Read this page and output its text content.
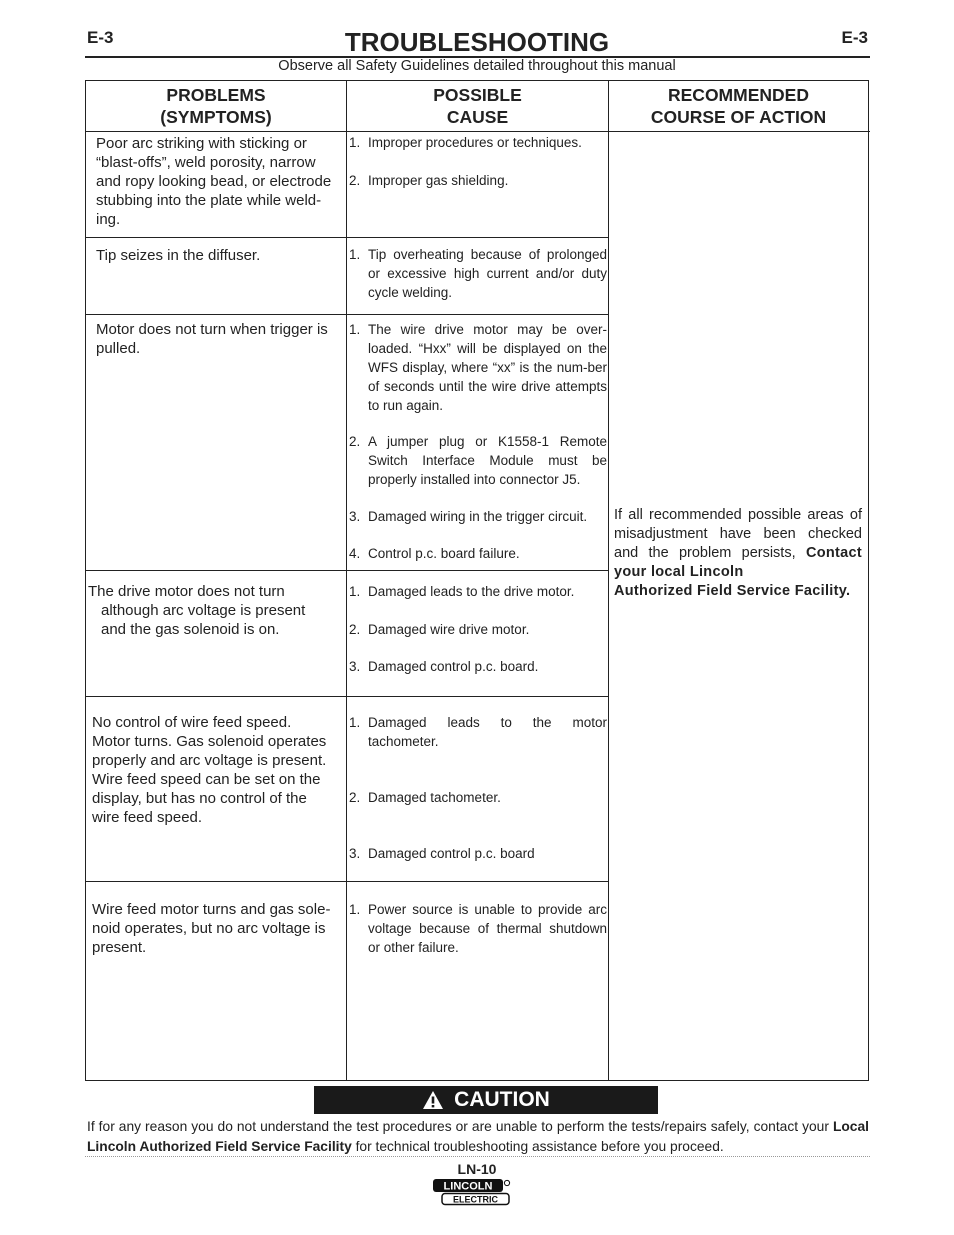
E-3	E-3
TROUBLESHOOTING
Observe all Safety Guidelines detailed throughout this manual
PROBLEMS
(SYMPTOMS)
POSSIBLE
CAUSE
RECOMMENDED
COURSE OF ACTION
Poor arc striking with sticking or
“blast-offs”, weld porosity, narrow
and ropy looking bead, or electrode
stubbing into the plate while weld-
ing.
1. Improper procedures or techniques.
2. Improper gas shielding.
Tip seizes in the diffuser.	1. Tip overheating because of prolonged or excessive high current and/or duty cycle welding.
Motor does not turn when trigger is
pulled.
1. The wire drive motor may be over-loaded. “Hxx” will be displayed on the WFS display, where “xx” is the num-ber of seconds until the wire drive attempts to run again.
2. A jumper plug or K1558-1 Remote Switch Interface Module must be properly installed into connector J5.
3. Damaged wiring in the trigger circuit.
4. Control p.c. board failure.
The drive motor does not turn
although arc voltage is present
and the gas solenoid is on.
1. Damaged leads to the drive motor.
2. Damaged wire drive motor.
3. Damaged control p.c. board.
No control of wire feed speed.
Motor turns. Gas solenoid operates
properly and arc voltage is present.
Wire feed speed can be set on the
display, but has no control of the
wire feed speed.
1. Damaged leads to the motor tachometer.
2. Damaged tachometer.
3. Damaged control p.c. board
Wire feed motor turns and gas sole-
noid operates, but no arc voltage is
present.
1. Power source is unable to provide arc voltage because of thermal shutdown or other failure.
If all recommended possible areas of misadjustment have been checked and the problem persists, Contact your local Lincoln
Authorized Field Service Facility.
CAUTION
If for any reason you do not understand the test procedures or are unable to perform the tests/repairs safely, contact your Local Lincoln Authorized Field Service Facility for technical troubleshooting assistance before you proceed.
LN-10
LINCOLN
ELECTRIC
